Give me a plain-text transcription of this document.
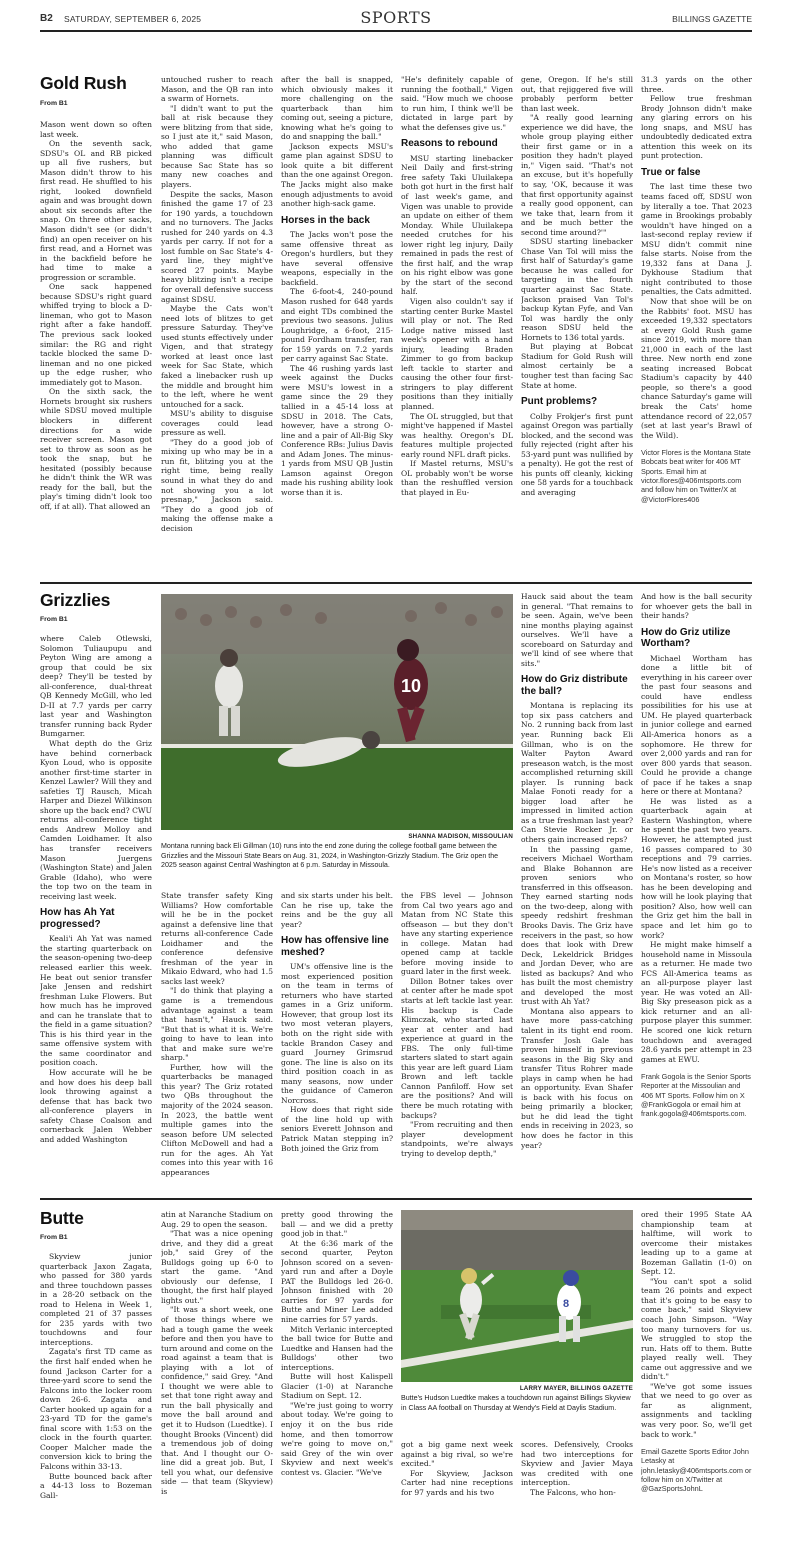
B2 SATURDAY, SEPTEMBER 6, 2025	SPORTS	BILLINGS GAZETTE
Gold Rush
From B1

Mason went down so often last week.

On the seventh sack, SDSU's OL and RB picked up all five rushers, but Mason didn't throw to his first read. He shuffled to his right, looked downfield again and was brought down about six seconds after the snap. On three other sacks, Mason didn't see (or didn't find) an open receiver on his first read, and a Hornet was in the backfield before he had time to make a progression or scramble.

One sack happened because SDSU's right guard whiffed trying to block a D-lineman, who got to Mason right after a fake handoff. The previous sack looked similar: the RG and right tackle blocked the same D-lineman and no one picked up the edge rusher, who immediately got to Mason.

On the sixth sack, the Hornets brought six rushers while SDSU moved multiple blockers in different directions for a wide receiver screen. Mason got set to throw as soon as he took the snap, but he hesitated (possibly because he didn't think the WR was ready for the ball, but the play's timing didn't look too off, if at all). That allowed an

untouched rusher to reach Mason, and the QB ran into a swarm of Hornets.

"I didn't want to put the ball at risk because they were blitzing from that side, so I just ate it," said Mason, who added that game planning was difficult because Sac State has so many new coaches and players.

Despite the sacks, Mason finished the game 17 of 23 for 190 yards, a touchdown and no turnovers. The Jacks rushed for 240 yards on 4.3 yards per carry. If not for a lost fumble on Sac State's 4-yard line, they might've scored 27 points. Maybe heavy blitzing isn't a recipe for overall defensive success against SDSU.

Maybe the Cats won't need lots of blitzes to get pressure Saturday. They've used stunts effectively under Vigen, and that strategy worked at least once last week for Sac State, which faked a linebacker rush up the middle and brought him to the left, where he went untouched for a sack.

MSU's ability to disguise coverages could lead pressure as well.

"They do a good job of mixing up who may be in a run fit, blitzing you at the right time, being really sound in what they do and not showing you a lot presnap," Jackson said. "They do a good job of making the offense make a decision

after the ball is snapped, which obviously makes it more challenging on the quarterback than him coming out, seeing a picture, knowing what he's going to do and snapping the ball."

Jackson expects MSU's game plan against SDSU to look quite a bit different than the one against Oregon. The Jacks might also make enough adjustments to avoid another high-sack game.

Horses in the back

The Jacks won't pose the same offensive threat as Oregon's hurdlers, but they have several offensive weapons, especially in the backfield.

The 6-foot-4, 240-pound Mason rushed for 648 yards and eight TDs combined the previous two seasons. Julius Loughridge, a 6-foot, 215-pound Fordham transfer, ran for 159 yards on 7.2 yards per carry against Sac State.

The 46 rushing yards last week against the Ducks were MSU's lowest in a game since the 29 they tallied in a 45-14 loss at SDSU in 2018. The Cats, however, have a strong O-line and a pair of All-Big Sky Conference RBs: Julius Davis and Adam Jones. The minus-1 yards from MSU QB Justin Lamson against Oregon made his rushing ability look worse than it is.

"He's definitely capable of running the football," Vigen said. "How much we choose to run him, I think we'll be dictated in large part by what the defenses give us."

Reasons to rebound

MSU starting linebacker Neil Daily and first-string free safety Taki Uluilakepa both got hurt in the first half of last week's game, and Vigen was unable to provide an update on either of them Monday. While Uluilakepa needed crutches for his lower right leg injury, Daily remained in pads the rest of the first half, and the wrap on his right elbow was gone by the start of the second half.

Vigen also couldn't say if starting center Burke Mastel will play or not. The Red Lodge native missed last week's opener with a hand injury, leading Braden Zimmer to go from backup left tackle to starter and causing the other four first-stringers to play different positions than they initially planned.

The OL struggled, but that might've happened if Mastel was healthy. Oregon's DL features multiple projected early round NFL draft picks.

If Mastel returns, MSU's OL probably won't be worse than the reshuffled version that played in Eu-

gene, Oregon. If he's still out, that rejiggered five will probably perform better than last week.

"A really good learning experience we did have, the whole group playing either their first game or in a position they hadn't played in," Vigen said. "That's not an excuse, but it's hopefully to say, 'OK, because it was that first opportunity against a really good opponent, can we take that, learn from it and be much better the second time around?'"

SDSU starting linebacker Chase Van Tol will miss the first half of Saturday's game because he was called for targeting in the fourth quarter against Sac State. Jackson praised Van Tol's backup Kytan Fyfe, and Van Tol was hardly the only reason SDSU held the Hornets to 136 total yards.

But playing at Bobcat Stadium for Gold Rush will almost certainly be a tougher test than facing Sac State at home.

Punt problems?

Colby Frokjer's first punt against Oregon was partially blocked, and the second was fully rejected (right after his 53-yard punt was nullified by a penalty). He got the rest of his punts off cleanly, kicking one 58 yards for a touchback and averaging

31.3 yards on the other three.

Fellow true freshman Brody Johnson didn't make any glaring errors on his long snaps, and MSU has undoubtedly dedicated extra attention this week on its punt protection.

True or false

The last time these two teams faced off, SDSU won by literally a toe. That 2023 game in Brookings probably wouldn't have hinged on a last-second replay review if MSU didn't commit nine false starts. Noise from the 19,332 fans at Dana J. Dykhouse Stadium that night contributed to those penalties, the Cats admitted.

Now that shoe will be on the Rabbits' foot. MSU has exceeded 19,332 spectators at every Gold Rush game since 2019, with more than 21,000 in each of the last three. New north end zone seating increased Bobcat Stadium's capacity by 440 people, so there's a good chance Saturday's game will break the Cats' home attendance record of 22,057 (set at last year's Brawl of the Wild).

Victor Flores is the Montana State Bobcats beat writer for 406 MT Sports. Email him at victor.flores@406mtsports.com and follow him on Twitter/X at @VictorFlores406

Grizzlies
From B1

where Caleb Otlewski, Solomon Tuliaupupu and Peyton Wing are among a group that could be six deep? They'll be tested by all-conference, dual-threat QB Kennedy McGill, who led D-II at 7.7 yards per carry last year and Washington transfer running back Ryder Bumgarner.

What depth do the Griz have behind cornerback Kyon Loud, who is opposite another first-time starter in Kenzel Lawler? Will they and safeties TJ Rausch, Micah Harper and Diezel Wilkinson shore up the back end? CWU returns all-conference tight ends Andrew Molloy and Camden Loidhamer. It also has transfer receivers Mason Juergens (Washington State) and Jalen Grable (Idaho), who were the top two on the team in receiving last week.

How has Ah Yat progressed?

Keali'i Ah Yat was named the starting quarterback on the season-opening two-deep released earlier this week. He beat out senior transfer Jake Jensen and redshirt freshman Luke Flowers. But how much has he improved and can he translate that to the field in a game situation? This is his third year in the same offensive system with the same coordinator and position coach.

How accurate will he be and how does his deep ball look throwing against a defense that has back two all-conference players in safety Chase Coalson and cornerback Jalen Webber and added Washington

10
SHANNA MADISON, MISSOULIAN
Montana running back Eli Gillman (10) runs into the end zone during the college football game between the Grizzlies and the Missouri State Bears on Aug. 31, 2024, in Washington-Grizzly Stadium. The Griz open the 2025 season against Central Washington at 6 p.m. Saturday in Missoula.

State transfer safety King Williams? How comfortable will he be in the pocket against a defensive line that returns all-conference Cade Loidhamer and the conference defensive freshman of the year in Mikaio Edward, who had 1.5 sacks last week?

"I do think that playing a game is a tremendous advantage against a team that hasn't," Hauck said. "But that is what it is. We're going to have to lean into that and make sure we're sharp."

Further, how will the quarterbacks be managed this year? The Griz rotated two QBs throughout the majority of the 2024 season. In 2023, the battle went multiple games into the season before UM selected Clifton McDowell and had a run for the ages. Ah Yat comes into this year with 16 appearances

and six starts under his belt. Can he rise up, take the reins and be the guy all year?

How has offensive line meshed?

UM's offensive line is the most experienced position on the team in terms of returners who have started games in a Griz uniform. However, that group lost its two most veteran players, both on the right side with tackle Brandon Casey and guard Journey Grimsrud gone. The line is also on its third position coach in as many seasons, now under the guidance of Cameron Norcross.

How does that right side of the line hold up with seniors Everett Johnson and Patrick Matan stepping in? Both joined the Griz from

the FBS level — Johnson from Cal two years ago and Matan from NC State this offseason — but they don't have any starting experience in college. Matan had opened camp at tackle before moving inside to guard later in the first week.

Dillon Botner takes over at center after he made spot starts at left tackle last year. His backup is Cade Klimczak, who started last year at center and had experience at guard in the FBS. The only full-time starters slated to start again this year are left guard Liam Brown and left tackle Cannon Panfiloff. How set are the positions? And will there be much rotating with backups?

"From recruiting and then player development standpoints, we're always trying to develop depth,"

Hauck said about the team in general. "That remains to be seen. Again, we've been nine months playing against ourselves. We'll have a scoreboard on Saturday and we'll kind of see where that sits."

How do Griz distribute the ball?

Montana is replacing its top six pass catchers and No. 2 running back from last year. Running back Eli Gillman, who is on the Walter Payton Award preseason watch, is the most accomplished returning skill player. Is running back Malae Fonoti ready for a bigger load after he impressed in limited action as a true freshman last year? Can Stevie Rocker Jr. or others gain increased reps?

In the passing game, receivers Michael Wortham and Blake Bohannon are proven seniors who transferred in this offseason. They earned starting nods on the two-deep, along with speedy redshirt freshman Brooks Davis. The Griz have receivers in the past, so how does that look with Drew Deck, Lekeldrick Bridges and Jordan Dever, who are listed as backups? And who has built the most chemistry and developed the most trust with Ah Yat?

Montana also appears to have more pass-catching talent in its tight end room. Transfer Josh Gale has proven himself in previous seasons in the Big Sky and transfer Titus Rohrer made plays in camp when he had an opportunity. Evan Shafer is back with his focus on being primarily a blocker, but he did lead the tight ends in receiving in 2023, so how does he factor in this year?

And how is the ball security for whoever gets the ball in their hands?

How do Griz utilize Wortham?

Michael Wortham has done a little bit of everything in his career over the past four seasons and could have endless possibilities for his use at UM. He played quarterback in junior college and earned All-America honors as a sophomore. He threw for over 2,000 yards and ran for over 800 yards that season. Could he provide a change of pace if he takes a snap here or there at Montana?

He was listed as a quarterback again at Eastern Washington, where he spent the past two years. However, he attempted just 16 passes compared to 30 receptions and 79 carries. He's now listed as a receiver on Montana's roster, so how has he been developing and how will he look playing that position? Also, how well can the Griz get him the ball in space and let him go to work?

He might make himself a household name in Missoula as a returner. He made two FCS All-America teams as an all-purpose player last year. He was voted an All-Big Sky preseason pick as a kick returner and an all-purpose player this summer. He scored one kick return touchdown and averaged 28.6 yards per attempt in 23 games at EWU.

Frank Gogola is the Senior Sports Reporter at the Missoulian and 406 MT Sports. Follow him on X @FrankGogola or email him at frank.gogola@406mtsports.com.

Butte
From B1

Skyview junior quarterback Jaxon Zagata, who passed for 380 yards and three touchdown passes in a 28-20 setback on the road to Helena in Week 1, completed 21 of 37 passes for 235 yards with two touchdowns and four interceptions.

Zagata's first TD came as the first half ended when he found Jackson Carter for a three-yard score to send the Falcons into the locker room down 26-6. Zagata and Carter hooked up again for a 23-yard TD for the game's final score with 1:53 on the clock in the fourth quarter. Cooper Malcher made the conversion kick to bring the Falcons within 33-13.

Butte bounced back after a 44-13 loss to Bozeman Gall-

atin at Naranche Stadium on Aug. 29 to open the season.

"That was a nice opening drive, and they did a great job," said Grey of the Bulldogs going up 6-0 to start the game. "And obviously our defense, I thought, the first half played lights out."

"It was a short week, one of those things where we had a tough game the week before and then you have to turn around and come on the road against a team that is playing with a lot of confidence," said Grey. "And I thought we were able to set that tone right away and run the ball physically and move the ball around and get it to Hudson (Luedtke). I thought Brooks (Vincent) did a tremendous job of doing that. And I thought our O-line did a great job. But, I tell you what, our defensive side — that team (Skyview) is

pretty good throwing the ball — and we did a pretty good job in that."

At the 6:36 mark of the second quarter, Peyton Johnson scored on a seven-yard run and after a Doyle PAT the Bulldogs led 26-0. Johnson finished with 20 carries for 97 yards for Butte and Miner Lee added nine carries for 57 yards.

Mitch Verlanic intercepted the ball twice for Butte and Luedtke and Hansen had the Bulldogs' other two interceptions.

Butte will host Kalispell Glacier (1-0) at Naranche Stadium on Sept. 12.

"We're just going to worry about today. We're going to enjoy it on the bus ride home, and then tomorrow we're going to move on," said Grey of the win over Skyview and next week's contest vs. Glacier. "We've

8
LARRY MAYER, BILLINGS GAZETTE
Butte's Hudson Luedtke makes a touchdown run against Billings Skyview in Class AA football on Thursday at Wendy's Field at Daylis Stadium.

got a big game next week against a big rival, so we're excited."

For Skyview, Jackson Carter had nine receptions for 97 yards and his two

scores. Defensively, Crooks had two interceptions for Skyview and Javier Maya was credited with one interception.

The Falcons, who hon-

ored their 1995 State AA championship team at halftime, will work to overcome their mistakes leading up to a game at Bozeman Gallatin (1-0) on Sept. 12.

"You can't spot a solid team 26 points and expect that it's going to be easy to come back," said Skyview coach John Simpson. "Way too many turnovers for us. We struggled to stop the run. Hats off to them. Butte played really well. They came out aggressive and we didn't."

"We've got some issues that we need to go over as far as alignment, assignments and tackling was very poor. So, we'll get back to work."

Email Gazette Sports Editor John Letasky at john.letasky@406mtsports.com or follow him on X/Twitter at @GazSportsJohnL
